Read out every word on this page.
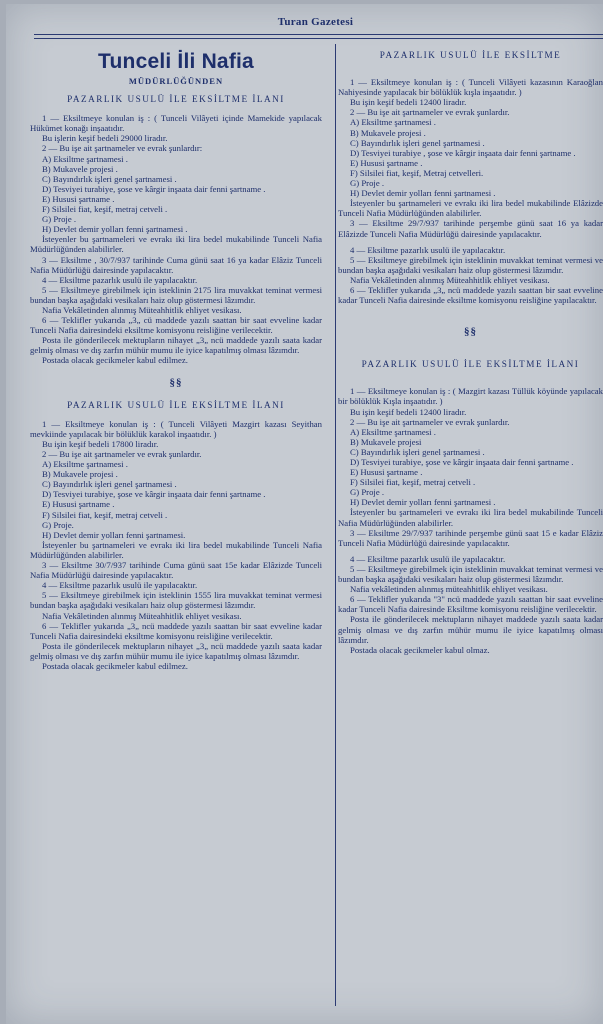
Turan Gazetesi
Tunceli İli Nafia
MÜDÜRLÜĞÜNDEN
PAZARLIK USULÜ İLE EKSİLTME İLANI
1 — Eksiltmeye konulan iş : ( Tunceli Vilâyeti içinde Mamekide yapılacak Hükümet konağı inşaatıdır.
Bu işlerin keşif bedeli 29000 liradır.
2 — Bu işe ait şartnameler ve evrak şunlardır:
A) Eksiltme şartnamesi .
B) Mukavele projesi .
C) Bayındırlık işleri genel şartnamesi .
D) Tesviyei turabiye, şose ve kârgir inşaata dair fenni şartname .
E) Hususi şartname .
F) Silsilei fiat, keşif, metraj cetveli .
G) Proje .
H) Devlet demir yolları fenni şartnamesi .
İsteyenler bu şartnameleri ve evrakı iki lira bedel mukabilinde Tunceli Nafia Müdürlüğünden alabilirler.
3 — Eksiltme , 30/7/937 tarihinde Cuma günü saat 16 ya kadar Elâziz Tunceli Nafia Müdürlüğü dairesinde yapılacaktır.
4 — Eksiltme pazarlık usulü ile yapılacaktır.
5 — Eksiltmeye girebilmek için isteklinin 2175 lira muvakkat teminat vermesi bundan başka aşağıdaki vesikaları haiz olup göstermesi lâzımdır.
Nafia Vekâletinden alınmış Müteahhitlik ehliyet vesikası.
6 — Teklifler yukarıda „3„ cü maddede yazılı saattan bir saat evveline kadar Tunceli Nafia dairesindeki eksiltme komisyonu reisliğine verilecektir.
Posta ile gönderilecek mektupların nihayet „3„ ncü maddede yazılı saata kadar gelmiş olması ve dış zarfın mühür mumu ile iyice kapatılmış olması lâzımdır.
Postada olacak gecikmeler kabul edilmez.
§§
PAZARLIK USULÜ İLE EKSİLTME İLANI
1 — Eksiltmeye konulan iş : ( Tunceli Vilâyeti Mazgirt kazası Seyithan mevkiinde yapılacak bir bölüklük karakol inşaatıdır. )
Bu işin keşif bedeli 17800 liradır.
2 — Bu işe ait şartnameler ve evrak şunlardır.
A) Eksiltme şartnamesi .
B) Mukavele projesi .
C) Bayındırlık işleri genel şartnamesi .
D) Tesviyei turabiye, şose ve kârgir inşaata dair fenni şartname .
E) Hususi şartname .
F) Silsilei fiat, keşif, metraj cetveli .
G) Proje.
H) Devlet demir yolları fenni şartnamesi.
İsteyenler bu şartnameleri ve evrakı iki lira bedel mukabilinde Tunceli Nafia Müdürlüğünden alabilirler.
3 — Eksiltme 30/7/937 tarihinde Cuma günü saat 15e kadar Elâzizde Tunceli Nafia Müdürlüğü dairesinde yapılacaktır.
4 — Eksiltme pazarlık usulü ile yapılacaktır.
5 — Eksiltmeye girebilmek için isteklinin 1555 lira muvakkat teminat vermesi bundan başka aşağıdaki vesikaları haiz olup göstermesi lâzımdır.
Nafia Vekâletinden alınmış Müteahhitlik ehliyet vesikası.
6 — Teklifler yukarıda „3„ ncü maddede yazılı saattan bir saat evveline kadar Tunceli Nafia dairesindeki eksiltme komisyonu reisliğine verilecektir.
Posta ile gönderilecek mektupların nihayet „3„ ncü maddede yazılı saata kadar gelmiş olması ve dış zarfın mühür mumu ile iyice kapatılmış olması lâzımdır.
Postada olacak gecikmeler kabul edilmez.
PAZARLIK USULÜ İLE EKSİLTME
1 — Eksiltmeye konulan iş : ( Tunceli Vilâyeti kazasının Karaoğlan Nahiyesinde yapılacak bir bölüklük kışla inşaatıdır. )
Bu işin keşif bedeli 12400 liradır.
2 — Bu işe ait şartnameler ve evrak şunlardır.
A) Eksiltme şartnamesi .
B) Mukavele projesi .
C) Bayındırlık işleri genel şartnamesi .
D) Tesviyei turabiye , şose ve kârgir inşaata dair fenni şartname .
E) Hususi şartname .
F) Silsilei fiat, keşif, Metraj cetvelleri.
G) Proje .
H) Devlet demir yolları fenni şartnamesi .
İsteyenler bu şartnameleri ve evrakı iki lira bedel mukabilinde Elâzizde Tunceli Nafia Müdürlüğünden alabilirler.
3 — Eksiltme 29/7/937 tarihinde perşembe günü saat 16 ya kadar Elâzizde Tunceli Nafia Müdürlüğü dairesinde yapılacaktır.
4 — Eksiltme pazarlık usulü ile yapılacaktır.
5 — Eksiltmeye girebilmek için isteklinin muvakkat teminat vermesi ve bundan başka aşağıdaki vesikaları haiz olup göstermesi lâzımdır.
Nafia Vekâletinden alınmış Müteahhitlik ehliyet vesikası.
6 — Teklifler yukarıda „3„ ncü maddede yazılı saattan bir saat evveline kadar Tunceli Nafia dairesinde eksiltme komisyonu reisliğine yapılacaktır.
§§
PAZARLIK USULÜ İLE EKSİLTME İLANI
1 — Eksiltmeye konulan iş : ( Mazgirt kazası Tüllük köyünde yapılacak bir bölüklük Kışla inşaatıdır. )
Bu işin keşif bedeli 12400 liradır.
2 — Bu işe ait şartnameler ve evrak şunlardır.
A) Eksiltme şartnamesi .
B) Mukavele projesi
C) Bayındırlık işleri genel şartnamesi .
D) Tesviyei turabiye, şose ve kârgir inşaata dair fenni şartname .
E) Hususi şartname .
F) Silsilei fiat, keşif, metraj cetveli .
G) Proje .
H) Devlet demir yolları fenni şartnamesi .
İsteyenler bu şartnameleri ve evrakı iki lira bedel mukabilinde Tunceli Nafia Müdürlüğünden alabilirler.
3 — Eksiltme 29/7/937 tarihinde perşembe günü saat 15 e kadar Elâziz Tunceli Nafia Müdürlüğü dairesinde yapılacaktır.
4 — Eksiltme pazarlık usulü ile yapılacaktır.
5 — Eksiltmeye girebilmek için isteklinin muvakkat teminat vermesi ve bundan başka aşağıdaki vesikaları haiz olup göstermesi lâzımdır.
Nafia vekâletinden alınmış müteahhitlik ehliyet vesikası.
6 — Teklifler yukarıda "3" ncü maddede yazılı saattan bir saat evveline kadar Tunceli Nafia dairesinde Eksiltme komisyonu reisliğine verilecektir.
Posta ile gönderilecek mektupların nihayet maddede yazılı saata kadar gelmiş olması ve dış zarfın mühür mumu ile iyice kapatılmış olması lâzımdır.
Postada olacak gecikmeler kabul olmaz.
